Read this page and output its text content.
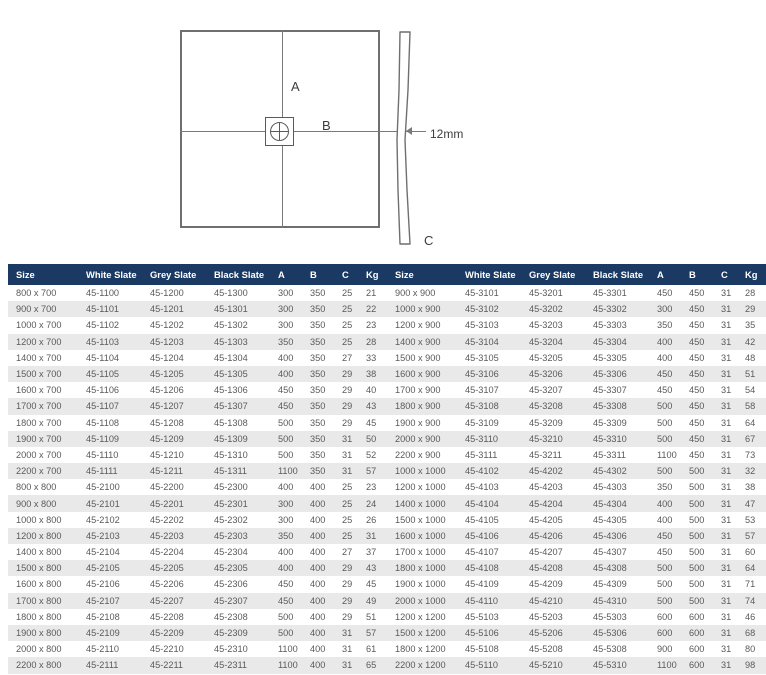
A
B
C
12mm
Size	White Slate	Grey Slate	Black Slate	A	B	C	Kg
800 x 700	45-1100	45-1200	45-1300	300	350	25	21
900 x 700	45-1101	45-1201	45-1301	300	350	25	22
1000 x 700	45-1102	45-1202	45-1302	300	350	25	23
1200 x 700	45-1103	45-1203	45-1303	350	350	25	28
1400 x 700	45-1104	45-1204	45-1304	400	350	27	33
1500 x 700	45-1105	45-1205	45-1305	400	350	29	38
1600 x 700	45-1106	45-1206	45-1306	450	350	29	40
1700 x 700	45-1107	45-1207	45-1307	450	350	29	43
1800 x 700	45-1108	45-1208	45-1308	500	350	29	45
1900 x 700	45-1109	45-1209	45-1309	500	350	31	50
2000 x 700	45-1110	45-1210	45-1310	500	350	31	52
2200 x 700	45-1111	45-1211	45-1311	1100	350	31	57
800 x 800	45-2100	45-2200	45-2300	400	400	25	23
900 x 800	45-2101	45-2201	45-2301	300	400	25	24
1000 x 800	45-2102	45-2202	45-2302	300	400	25	26
1200 x 800	45-2103	45-2203	45-2303	350	400	25	31
1400 x 800	45-2104	45-2204	45-2304	400	400	27	37
1500 x 800	45-2105	45-2205	45-2305	400	400	29	43
1600 x 800	45-2106	45-2206	45-2306	450	400	29	45
1700 x 800	45-2107	45-2207	45-2307	450	400	29	49
1800 x 800	45-2108	45-2208	45-2308	500	400	29	51
1900 x 800	45-2109	45-2209	45-2309	500	400	31	57
2000 x 800	45-2110	45-2210	45-2310	1100	400	31	61
2200 x 800	45-2111	45-2211	45-2311	1100	400	31	65
Size	White Slate	Grey Slate	Black Slate	A	B	C	Kg
900 x 900	45-3101	45-3201	45-3301	450	450	31	28
1000 x 900	45-3102	45-3202	45-3302	300	450	31	29
1200 x 900	45-3103	45-3203	45-3303	350	450	31	35
1400 x 900	45-3104	45-3204	45-3304	400	450	31	42
1500 x 900	45-3105	45-3205	45-3305	400	450	31	48
1600 x 900	45-3106	45-3206	45-3306	450	450	31	51
1700 x 900	45-3107	45-3207	45-3307	450	450	31	54
1800 x 900	45-3108	45-3208	45-3308	500	450	31	58
1900 x 900	45-3109	45-3209	45-3309	500	450	31	64
2000 x 900	45-3110	45-3210	45-3310	500	450	31	67
2200 x 900	45-3111	45-3211	45-3311	1100	450	31	73
1000 x 1000	45-4102	45-4202	45-4302	500	500	31	32
1200 x 1000	45-4103	45-4203	45-4303	350	500	31	38
1400 x 1000	45-4104	45-4204	45-4304	400	500	31	47
1500 x 1000	45-4105	45-4205	45-4305	400	500	31	53
1600 x 1000	45-4106	45-4206	45-4306	450	500	31	57
1700 x 1000	45-4107	45-4207	45-4307	450	500	31	60
1800 x 1000	45-4108	45-4208	45-4308	500	500	31	64
1900 x 1000	45-4109	45-4209	45-4309	500	500	31	71
2000 x 1000	45-4110	45-4210	45-4310	500	500	31	74
1200 x 1200	45-5103	45-5203	45-5303	600	600	31	46
1500 x 1200	45-5106	45-5206	45-5306	600	600	31	68
1800 x 1200	45-5108	45-5208	45-5308	900	600	31	80
2200 x 1200	45-5110	45-5210	45-5310	1100	600	31	98
